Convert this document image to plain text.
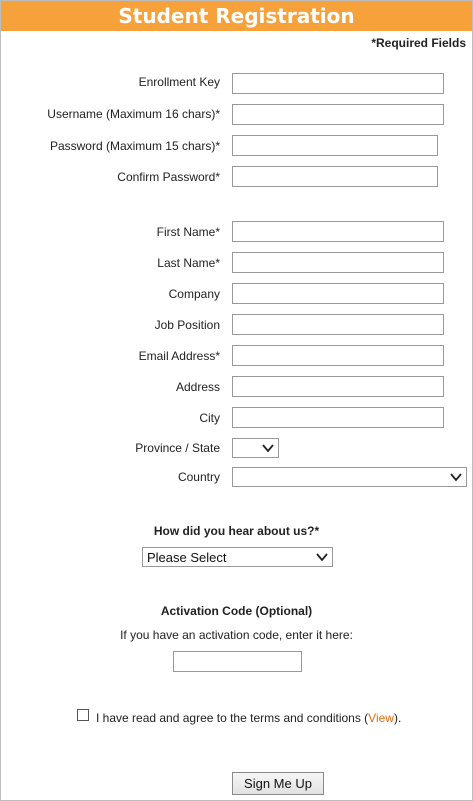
Student Registration
*Required Fields
Enrollment Key
Username (Maximum 16 chars)*
Password (Maximum 15 chars)*
Confirm Password*
First Name*
Last Name*
Company
Job Position
Email Address*
Address
City
Province / State
Country
How did you hear about us?*
Please Select
Activation Code (Optional)
If you have an activation code, enter it here:
I have read and agree to the terms and conditions (View).
Sign Me Up
